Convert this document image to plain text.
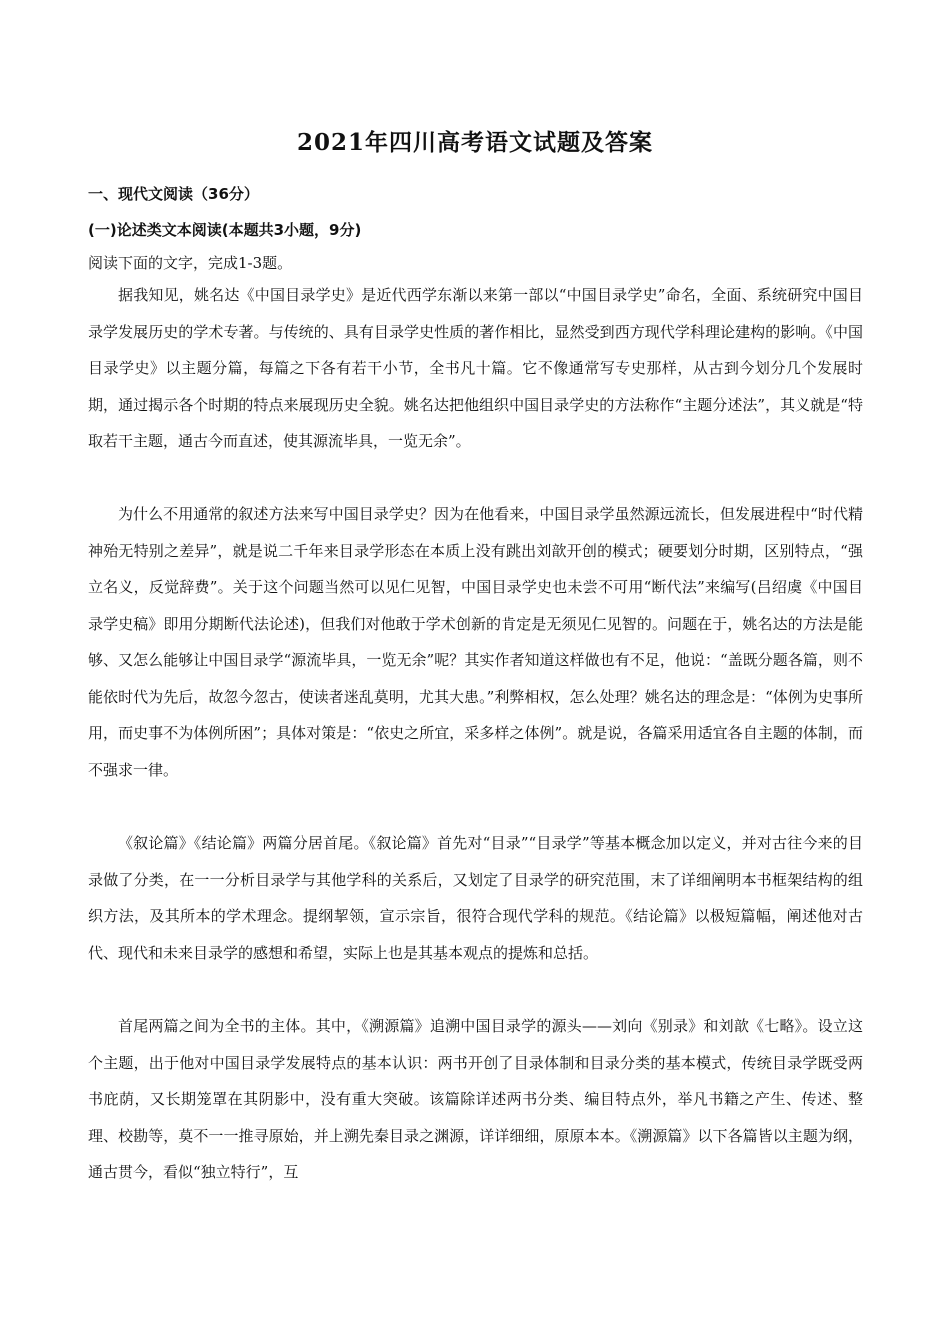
2021年四川高考语文试题及答案
一、现代文阅读（36分）
(一)论述类文本阅读(本题共3小题，9分)
阅读下面的文字，完成1-3题。

据我知见，姚名达《中国目录学史》是近代西学东渐以来第一部以“中国目录学史”命名，全面、系统研究中国目录学发展历史的学术专著。与传统的、具有目录学史性质的著作相比，显然受到西方现代学科理论建构的影响。《中国目录学史》以主题分篇，每篇之下各有若干小节，全书凡十篇。它不像通常写专史那样，从古到今划分几个发展时期，通过揭示各个时期的特点来展现历史全貌。姚名达把他组织中国目录学史的方法称作“主题分述法”，其义就是“特取若干主题，通古今而直述，使其源流毕具，一览无余”。

为什么不用通常的叙述方法来写中国目录学史？因为在他看来，中国目录学虽然源远流长，但发展进程中“时代精神殆无特别之差异”，就是说二千年来目录学形态在本质上没有跳出刘歆开创的模式；硬要划分时期，区别特点，“强立名义，反觉辞费”。关于这个问题当然可以见仁见智，中国目录学史也未尝不可用“断代法”来编写(吕绍虞《中国目录学史稿》即用分期断代法论述)，但我们对他敢于学术创新的肯定是无须见仁见智的。问题在于，姚名达的方法是能够、又怎么能够让中国目录学“源流毕具，一览无余”呢？其实作者知道这样做也有不足，他说：“盖既分题各篇，则不能依时代为先后，故忽今忽古，使读者迷乱莫明，尤其大患。”利弊相权，怎么处理？姚名达的理念是：“体例为史事所用，而史事不为体例所困”；具体对策是：“依史之所宜，采多样之体例”。就是说，各篇采用适宜各自主题的体制，而不强求一律。

《叙论篇》《结论篇》两篇分居首尾。《叙论篇》首先对“目录”“目录学”等基本概念加以定义，并对古往今来的目录做了分类，在一一分析目录学与其他学科的关系后，又划定了目录学的研究范围，末了详细阐明本书框架结构的组织方法，及其所本的学术理念。提纲挈领，宣示宗旨，很符合现代学科的规范。《结论篇》以极短篇幅，阐述他对古代、现代和未来目录学的感想和希望，实际上也是其基本观点的提炼和总括。

首尾两篇之间为全书的主体。其中，《溯源篇》追溯中国目录学的源头——刘向《别录》和刘歆《七略》。设立这个主题，出于他对中国目录学发展特点的基本认识：两书开创了目录体制和目录分类的基本模式，传统目录学既受两书庇荫，又长期笼罩在其阴影中，没有重大突破。该篇除详述两书分类、编目特点外，举凡书籍之产生、传述、整理、校勘等，莫不一一推寻原始，并上溯先秦目录之渊源，详详细细，原原本本。《溯源篇》以下各篇皆以主题为纲，通古贯今，看似“独立特行”，互
